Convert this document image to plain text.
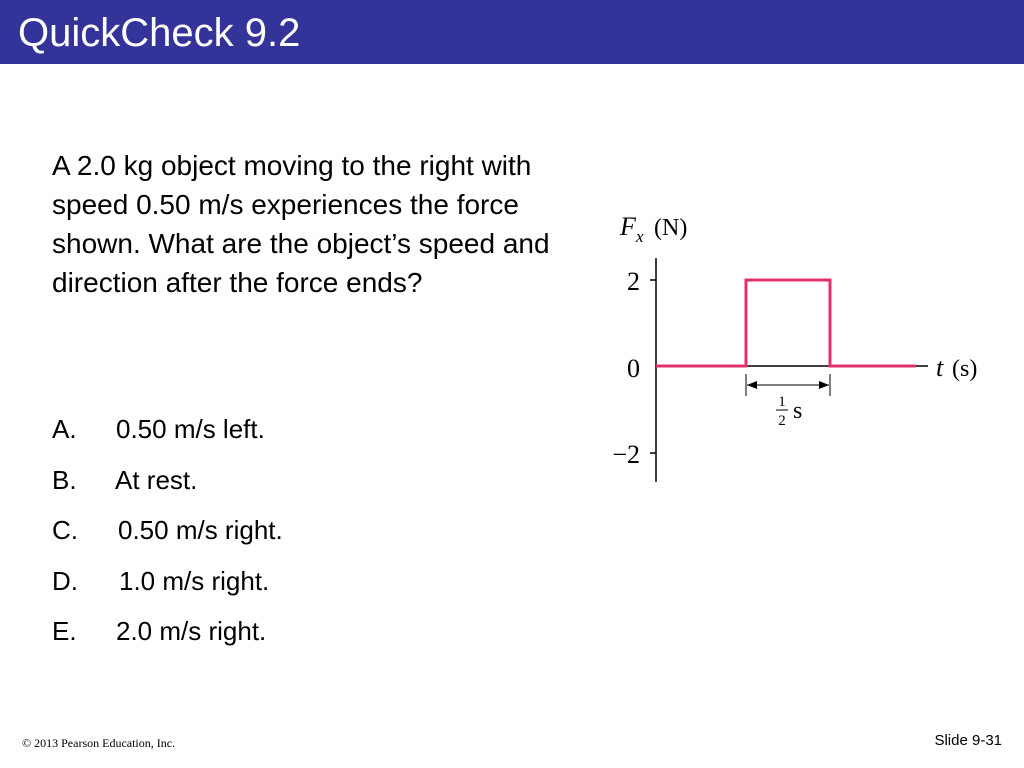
QuickCheck 9.2
A 2.0 kg object moving to the right with speed 0.50 m/s experiences the force shown. What are the object’s speed and direction after the force ends?
A. 0.50 m/s left.
B. At rest.
C. 0.50 m/s right.
D. 1.0 m/s right.
E. 2.0 m/s right.
F x (N)
2
0
−2
t (s)
1
2 s
© 2013 Pearson Education, Inc.	Slide 9-31
